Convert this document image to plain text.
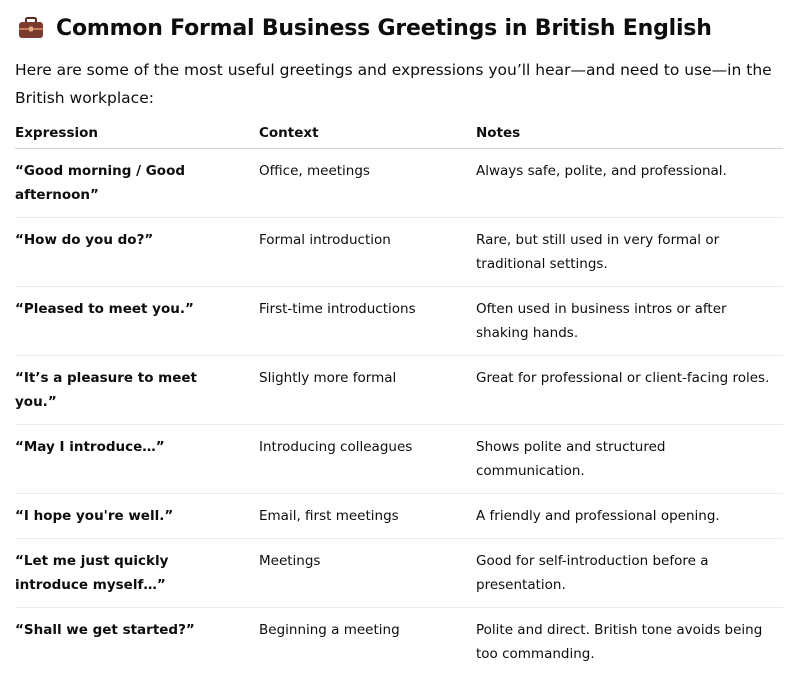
Common Formal Business Greetings in British English
Here are some of the most useful greetings and expressions you’ll hear—and need to use—in the British workplace:
Expression	Context	Notes
“Good morning / Good afternoon”	Office, meetings	Always safe, polite, and professional.
“How do you do?”	Formal introduction	Rare, but still used in very formal or traditional settings.
“Pleased to meet you.”	First-time introductions	Often used in business intros or after shaking hands.
“It’s a pleasure to meet you.”	Slightly more formal	Great for professional or client-facing roles.
“May I introduce…”	Introducing colleagues	Shows polite and structured communication.
“I hope you're well.”	Email, first meetings	A friendly and professional opening.
“Let me just quickly introduce myself…”	Meetings	Good for self-introduction before a presentation.
“Shall we get started?”	Beginning a meeting	Polite and direct. British tone avoids being too commanding.
